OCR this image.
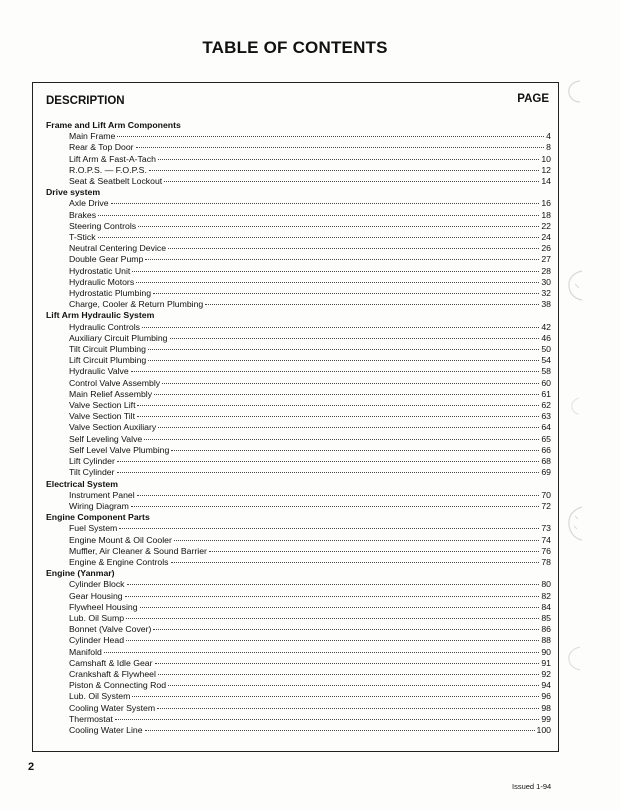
TABLE OF CONTENTS
DESCRIPTION	PAGE
Frame and Lift Arm Components
Main Frame	4
Rear & Top Door	8
Lift Arm & Fast-A-Tach	10
R.O.P.S. — F.O.P.S.	12
Seat & Seatbelt Lockout	14
Drive system
Axle Drive	16
Brakes	18
Steering Controls	22
T-Stick	24
Neutral Centering Device	26
Double Gear Pump	27
Hydrostatic Unit	28
Hydraulic Motors	30
Hydrostatic Plumbing	32
Charge, Cooler & Return Plumbing	38
Lift Arm Hydraulic System
Hydraulic Controls	42
Auxiliary Circuit Plumbing	46
Tilt Circuit Plumbing	50
Lift Circuit Plumbing	54
Hydraulic Valve	58
Control Valve Assembly	60
Main Relief Assembly	61
Valve Section Lift	62
Valve Section Tilt	63
Valve Section Auxiliary	64
Self Leveling Valve	65
Self Level Valve Plumbing	66
Lift Cylinder	68
Tilt Cylinder	69
Electrical System
Instrument Panel	70
Wiring Diagram	72
Engine Component Parts
Fuel System	73
Engine Mount & Oil Cooler	74
Muffler, Air Cleaner & Sound Barrier	76
Engine & Engine Controls	78
Engine (Yanmar)
Cylinder Block	80
Gear Housing	82
Flywheel Housing	84
Lub. Oil Sump	85
Bonnet (Valve Cover)	86
Cylinder Head	88
Manifold	90
Camshaft & Idle Gear	91
Crankshaft & Flywheel	92
Piston & Connecting Rod	94
Lub. Oil System	96
Cooling Water System	98
Thermostat	99
Cooling Water Line	100
2
Issued 1-94
